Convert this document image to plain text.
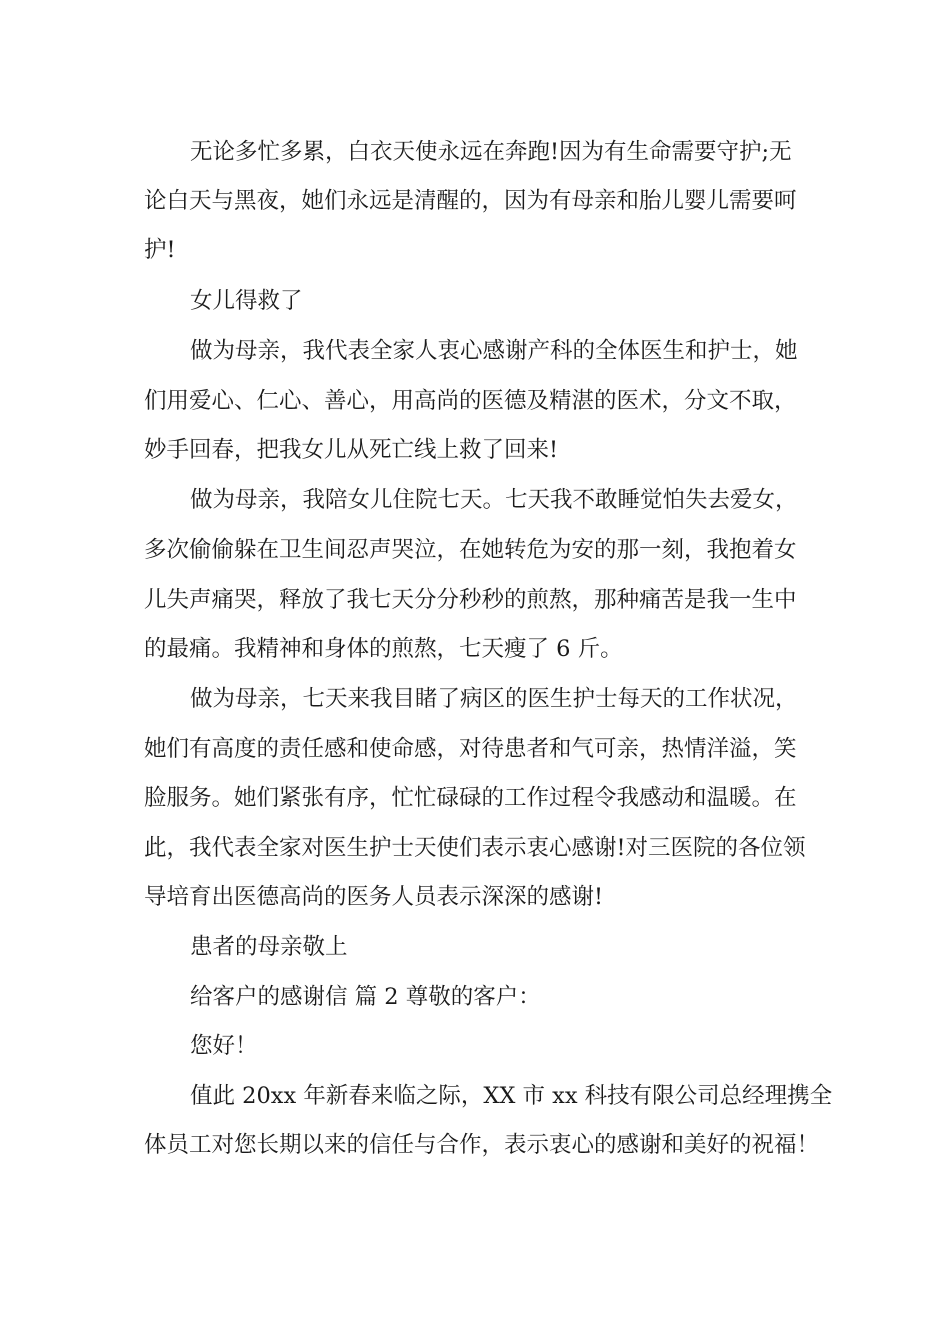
无论多忙多累，白衣天使永远在奔跑!因为有生命需要守护;无

论白天与黑夜，她们永远是清醒的，因为有母亲和胎儿婴儿需要呵

护!

女儿得救了

做为母亲，我代表全家人衷心感谢产科的全体医生和护士，她

们用爱心、仁心、善心，用高尚的医德及精湛的医术，分文不取，

妙手回春，把我女儿从死亡线上救了回来!

做为母亲，我陪女儿住院七天。七天我不敢睡觉怕失去爱女，

多次偷偷躲在卫生间忍声哭泣，在她转危为安的那一刻，我抱着女

儿失声痛哭，释放了我七天分分秒秒的煎熬，那种痛苦是我一生中

的最痛。我精神和身体的煎熬，七天瘦了 6 斤。

做为母亲，七天来我目睹了病区的医生护士每天的工作状况，

她们有高度的责任感和使命感，对待患者和气可亲，热情洋溢，笑

脸服务。她们紧张有序，忙忙碌碌的工作过程令我感动和温暖。在

此，我代表全家对医生护士天使们表示衷心感谢!对三医院的各位领

导培育出医德高尚的医务人员表示深深的感谢!

患者的母亲敬上

给客户的感谢信 篇 2 尊敬的客户：

您好！

值此 20xx 年新春来临之际，XX 市 xx 科技有限公司总经理携全

体员工对您长期以来的信任与合作，表示衷心的感谢和美好的祝福！
